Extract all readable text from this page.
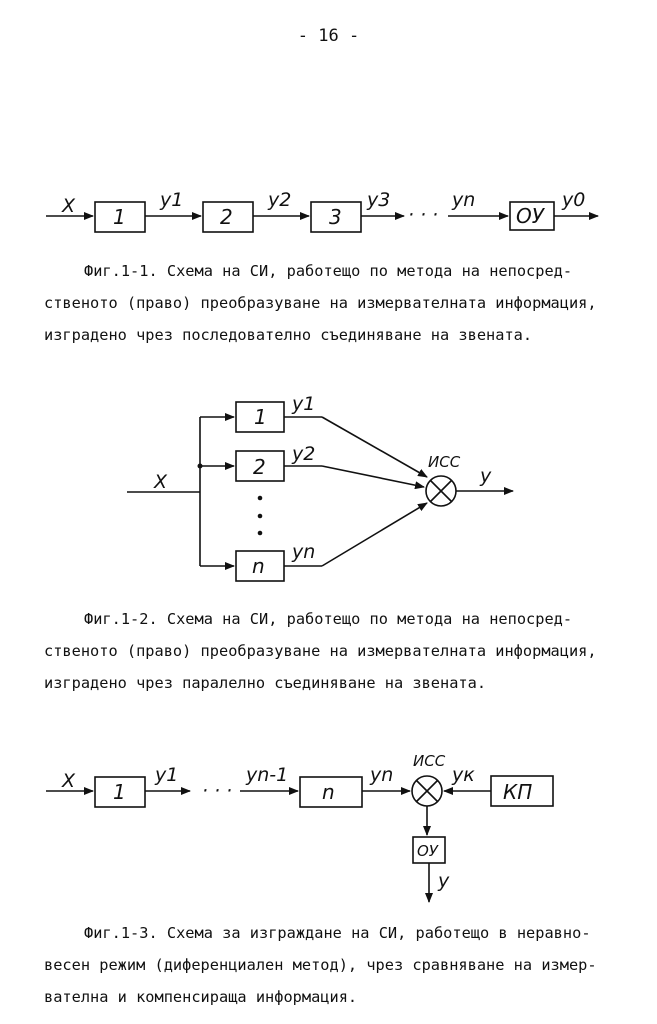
- 16 -
X 1	2	3	ОУ
y1	y2	y3
· · ·
yn	y0
X
1
2
n
y1
y2
yn
ИСС
y
X 1	n	КП
ОУ
y1
· · ·
yn-1	yn	yк
ИСС
y
Фиг.1-1. Схема на СИ, работещо по метода на непосред-
ственото (право) преобразуване на измервателната информация,
изградено чрез последователно съединяване на звената.
Фиг.1-2. Схема на СИ, работещо по метода на непосред-
ственото (право) преобразуване на измервателната информация,
изградено чрез паралелно съединяване на звената.
Фиг.1-3. Схема за изграждане на СИ, работещо в неравно-
весен режим (диференциален метод), чрез сравняване на измер-
вателна и компенсираща информация.
